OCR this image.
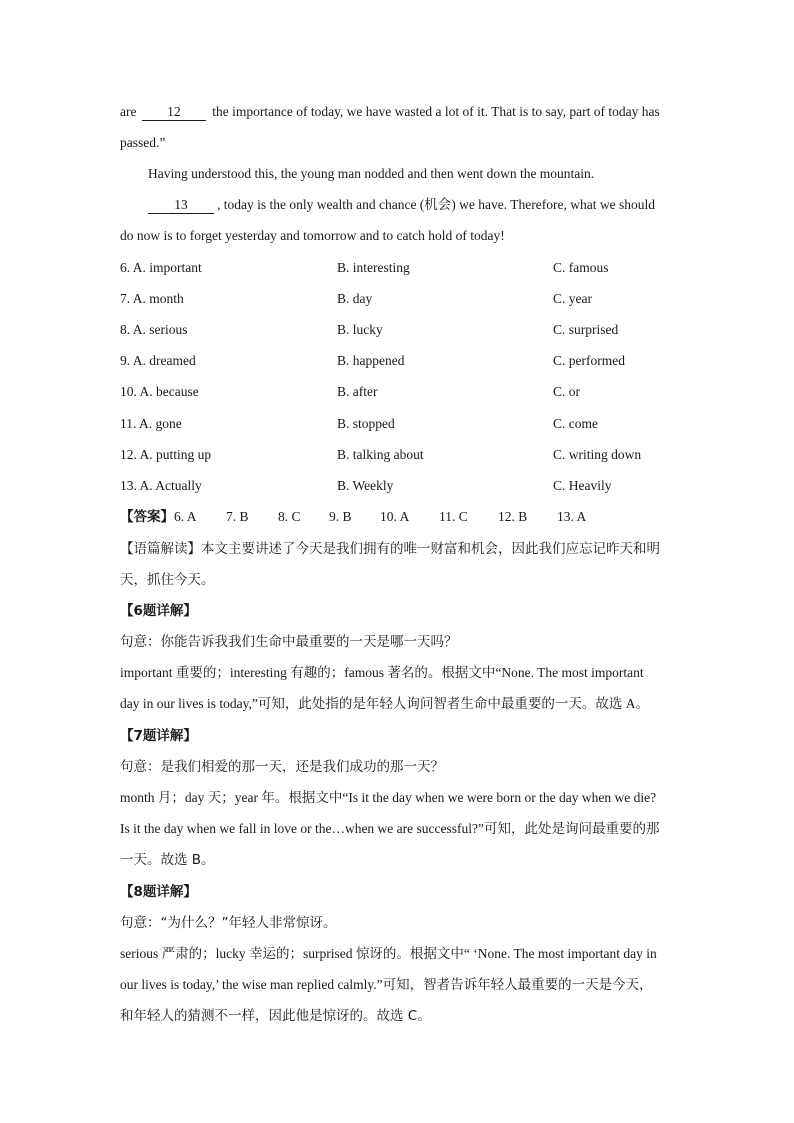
are 12 the importance of today, we have wasted a lot of it. That is to say, part of today has
passed.”
Having understood this, the young man nodded and then went down the mountain.
13 , today is the only wealth and chance (机会) we have. Therefore, what we should
do now is to forget yesterday and tomorrow and to catch hold of today!
6. A. important	B. interesting	C. famous
7. A. month	B. day	C. year
8. A. serious	B. lucky	C. surprised
9. A. dreamed	B. happened	C. performed
10. A. because	B. after	C. or
11. A. gone	B. stopped	C. come
12. A. putting up	B. talking about	C. writing down
13. A. Actually	B. Weekly	C. Heavily
【答案】6. A 7. B 8. C 9. B 10. A 11. C 12. B 13. A
【语篇解读】本文主要讲述了今天是我们拥有的唯一财富和机会，因此我们应忘记昨天和明
天，抓住今天。
【6题详解】
句意：你能告诉我我们生命中最重要的一天是哪一天吗？
important 重要的；interesting 有趣的；famous 著名的。根据文中“None. The most important
day in our lives is today,”可知，此处指的是年轻人询问智者生命中最重要的一天。故选 A。
【7题详解】
句意：是我们相爱的那一天，还是我们成功的那一天？
month 月；day 天；year 年。根据文中“Is it the day when we were born or the day when we die?
Is it the day when we fall in love or the…when we are successful?”可知，此处是询问最重要的那
一天。故选 B。
【8题详解】
句意：“为什么？”年轻人非常惊讶。
serious 严肃的；lucky 幸运的；surprised 惊讶的。根据文中“ ‘None. The most important day in
our lives is today,’ the wise man replied calmly.”可知，智者告诉年轻人最重要的一天是今天，
和年轻人的猜测不一样，因此他是惊讶的。故选 C。
